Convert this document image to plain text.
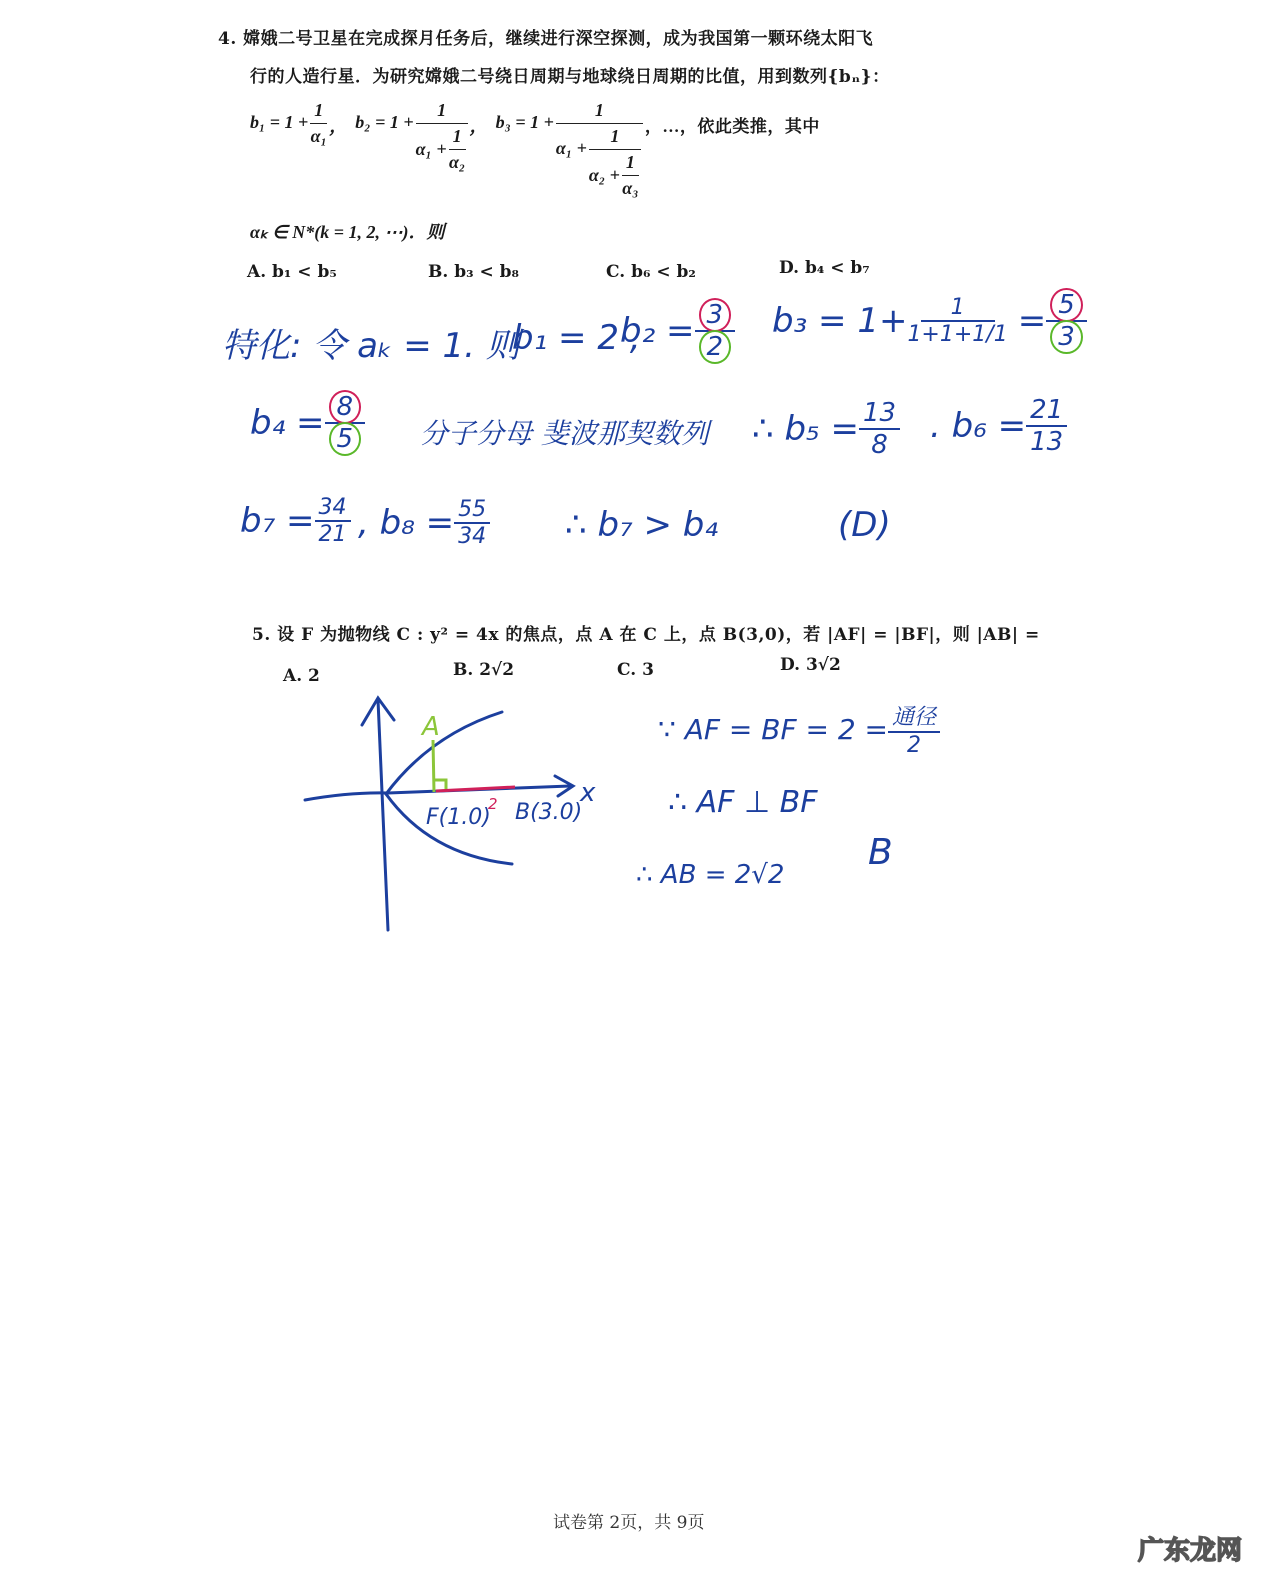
4. 嫦娥二号卫星在完成探月任务后，继续进行深空探测，成为我国第一颗环绕太阳飞
行的人造行星．为研究嫦娥二号绕日周期与地球绕日周期的比值，用到数列{bₙ}：
$b_1 = 1 + \frac{1}{\text{α₁}}$ ， $b_2 = 1 + \frac{1}{\alpha_1 + \frac{1}{\text{α₂}}}$ ， $b_3 = 1 + \frac{1}{\alpha_1 + \frac{1}{\alpha_2 + \frac{1}{\text{α₃}}}}$ ，…，依此类推，其中
αₖ ∈ N*(k = 1, 2, ⋯)．则
A. b₁ < b₅	B. b₃ < b₈	C. b₆ < b₂	D. b₄ < b₇
特化: 令 aₖ = 1. 则
b₁ = 2 ,
$b_2 = \frac{3}{2} b_3 = 1+ \frac{1}{1+1+1/1} = \frac{5}{3}$
$b_4 = \frac{8}{5}$ 分子分母 斐波那契数列 ∴ $b_5 = \frac{13}{8}$ . $b_6 = \frac{21}{13}$
$b_7 = \frac{34}{21}$ , $b_8 = \frac{55}{34}$ ∴ b₇ > b₄	(D)
5. 设 F 为抛物线 C : y² = 4x 的焦点，点 A 在 C 上，点 B(3,0)，若 |AF| = |BF|，则 |AB| =
A. 2	B. 2√2	C. 3	D. 3√2
A
F(1.0)
2 B(3.0)
x
∵ AF = BF = $2 = \frac{\text{通径}}{2}$
∴ AF ⊥ BF
∴ AB = 2√2
B
试卷第 2页，共 9页
广东龙网
